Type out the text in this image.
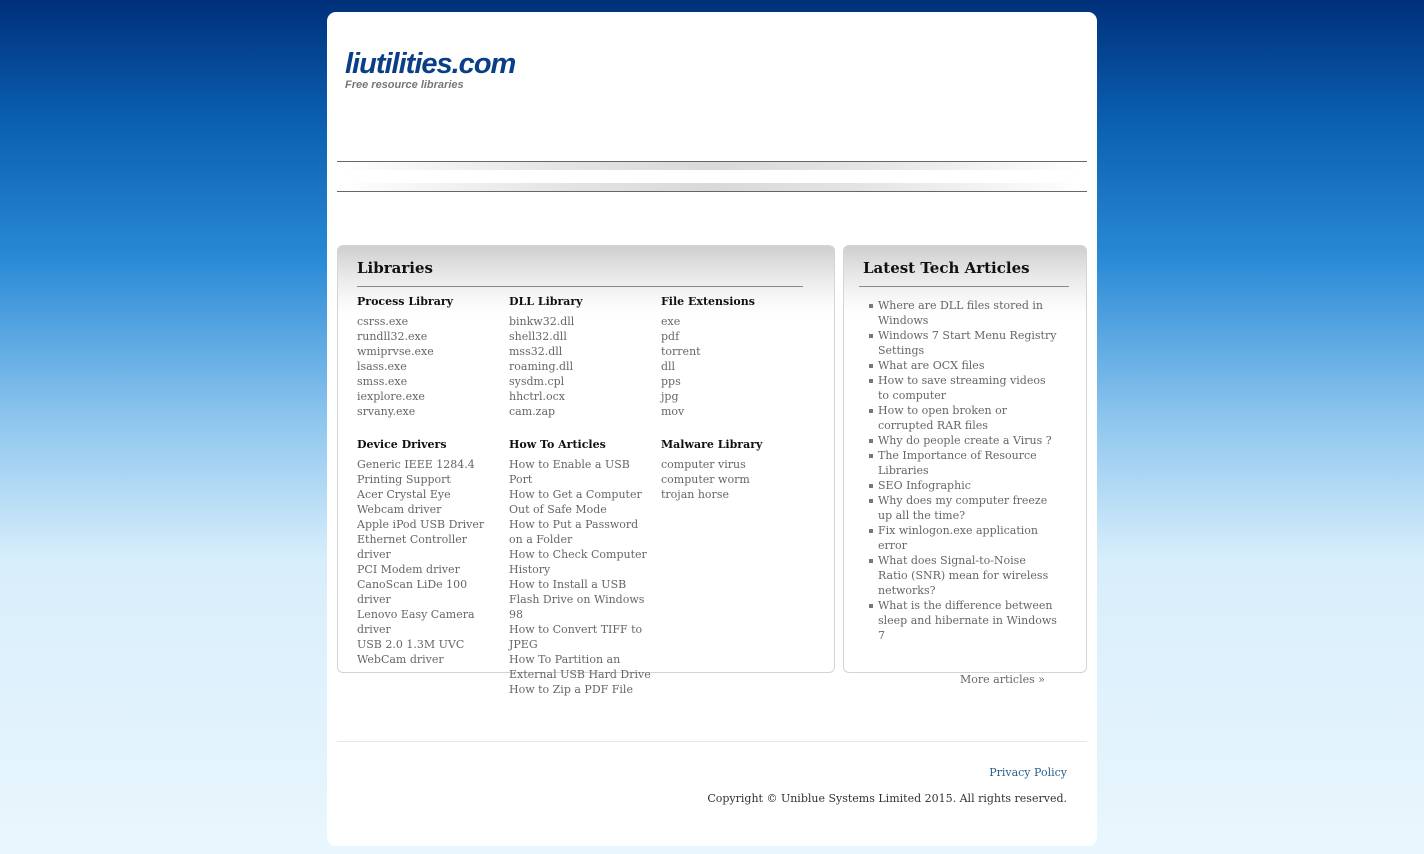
liutilities.com
Free resource libraries
Libraries
Process Library
csrss.exe
rundll32.exe
wmiprvse.exe
lsass.exe
smss.exe
iexplore.exe
srvany.exe
DLL Library
binkw32.dll
shell32.dll
mss32.dll
roaming.dll
sysdm.cpl
hhctrl.ocx
cam.zap
File Extensions
exe
pdf
torrent
dll
pps
jpg
mov
Device Drivers
Generic IEEE 1284.4 Printing Support
Acer Crystal Eye Webcam driver
Apple iPod USB Driver
Ethernet Controller driver
PCI Modem driver
CanoScan LiDe 100 driver
Lenovo Easy Camera driver
USB 2.0 1.3M UVC WebCam driver
How To Articles
How to Enable a USB Port
How to Get a Computer Out of Safe Mode
How to Put a Password on a Folder
How to Check Computer History
How to Install a USB Flash Drive on Windows 98
How to Convert TIFF to JPEG
How To Partition an External USB Hard Drive
How to Zip a PDF File
Malware Library
computer virus
computer worm
trojan horse
Latest Tech Articles
Where are DLL files stored in Windows
Windows 7 Start Menu Registry Settings
What are OCX files
How to save streaming videos to computer
How to open broken or corrupted RAR files
Why do people create a Virus ?
The Importance of Resource Libraries
SEO Infographic
Why does my computer freeze up all the time?
Fix winlogon.exe application error
What does Signal-to-Noise Ratio (SNR) mean for wireless networks?
What is the difference between sleep and hibernate in Windows 7
More articles »
Privacy Policy
Copyright © Uniblue Systems Limited 2015. All rights reserved.
